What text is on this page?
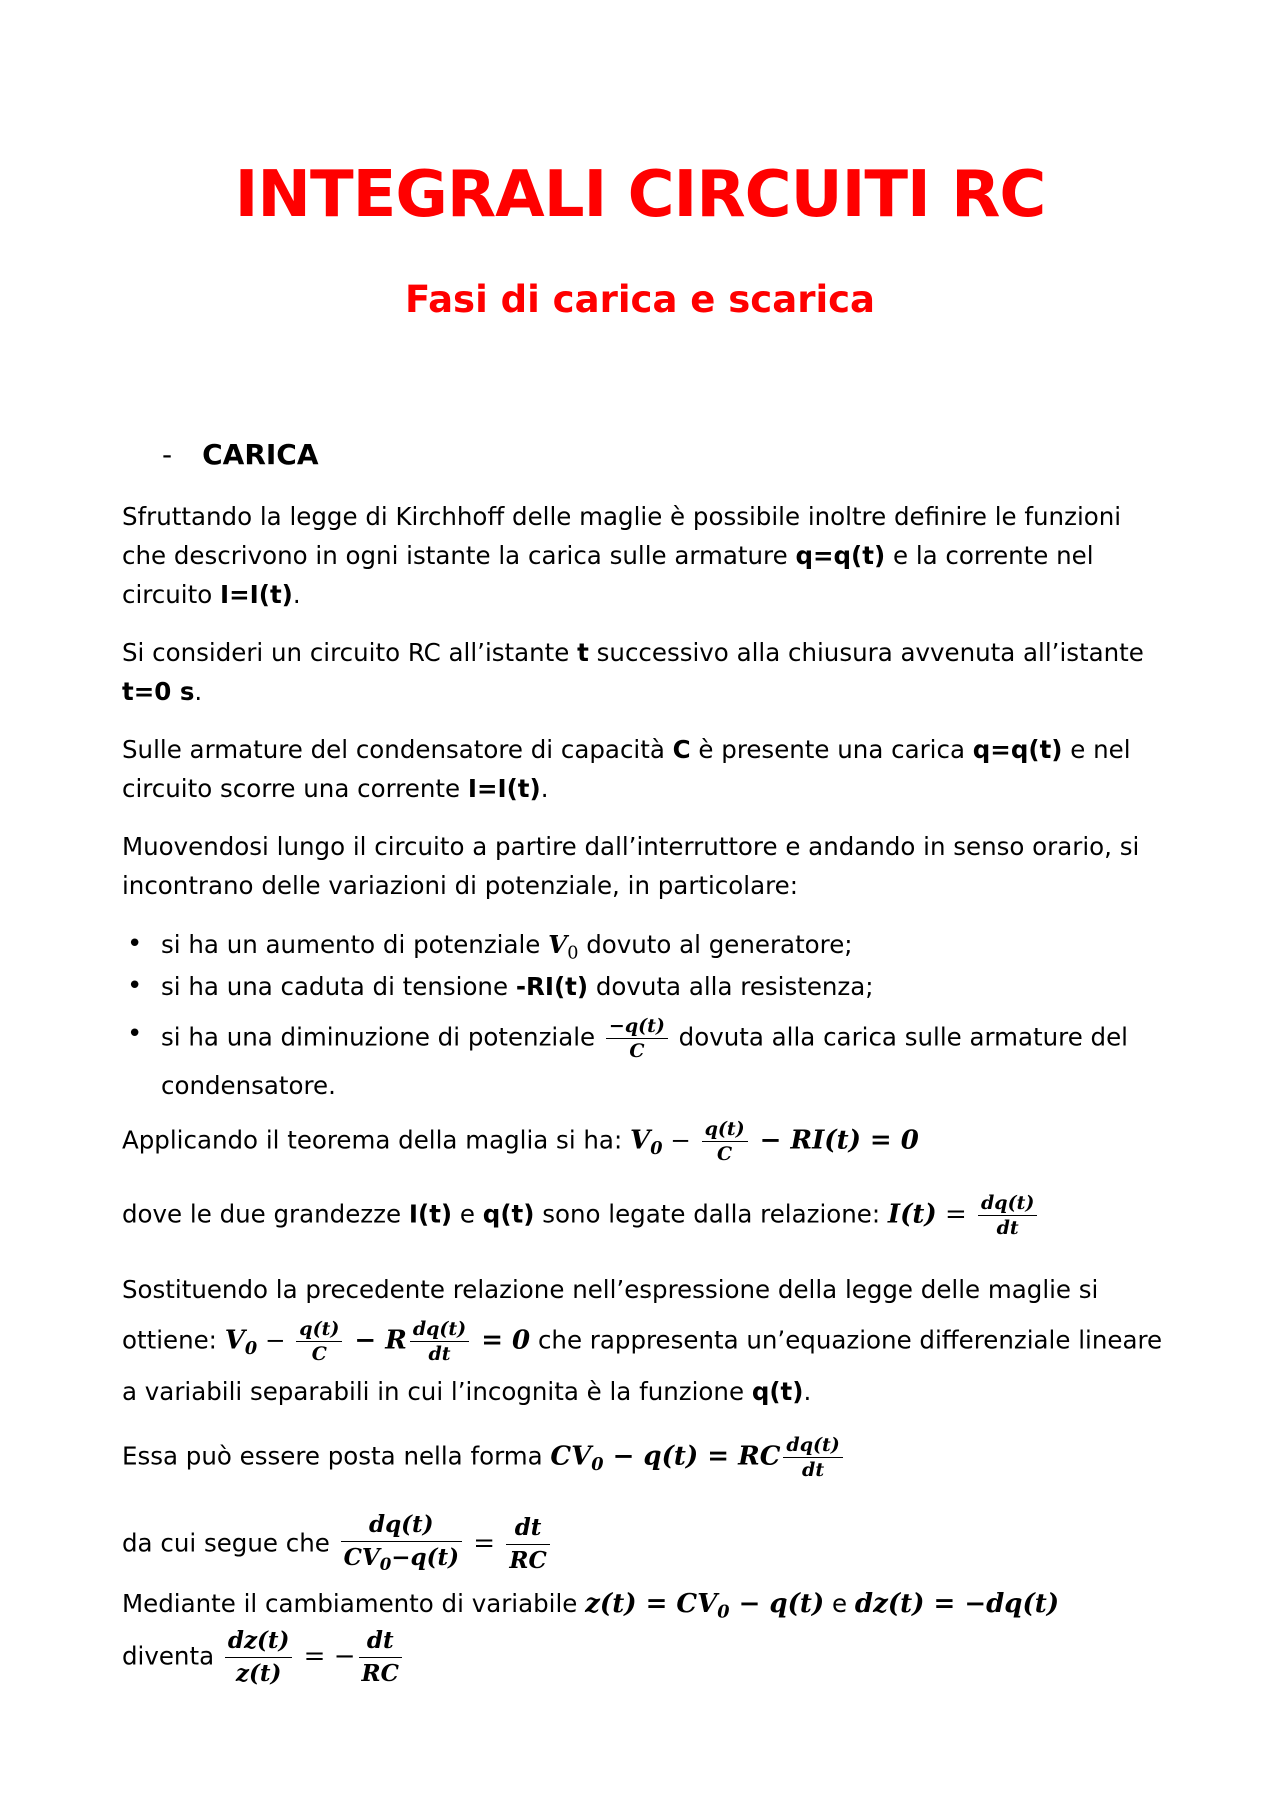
INTEGRALI CIRCUITI RC
Fasi di carica e scarica
- CARICA

Sfruttando la legge di Kirchhoff delle maglie è possibile inoltre definire le funzioni

che descrivono in ogni istante la carica sulle armature q=q(t) e la corrente nel

circuito I=I(t).

Si consideri un circuito RC all’istante t successivo alla chiusura avvenuta all’istante

t=0 s.

Sulle armature del condensatore di capacità C è presente una carica q=q(t) e nel

circuito scorre una corrente I=I(t).

Muovendosi lungo il circuito a partire dall’interruttore e andando in senso orario, si

incontrano delle variazioni di potenziale, in particolare:

• si ha un aumento di potenziale $V_0$ dovuto al generatore;
• si ha una caduta di tensione -RI(t) dovuta alla resistenza;
• si ha una diminuzione di potenziale $\frac{-q(t)}{C}$ dovuta alla carica sulle armature del

condensatore.

Applicando il teorema della maglia si ha: $V_0 - \frac{q(t)}{C} - RI(t) = 0$

dove le due grandezze I(t) e q(t) sono legate dalla relazione: $I(t) = \frac{dq(t)}{dt}$

Sostituendo la precedente relazione nell’espressione della legge delle maglie si

ottiene: $V_0 - \frac{q(t)}{C} - R \frac{dq(t)}{dt} = 0$ che rappresenta un’equazione differenziale lineare

a variabili separabili in cui l’incognita è la funzione q(t).

Essa può essere posta nella forma $CV_0 - q(t)$ = RC $\frac{dq(t)}{dt}$

da cui segue che $\frac{dq(t)}{CV_0-q(t)} = \frac{dt}{RC}$

Mediante il cambiamento di variabile $z(t) = CV_0 - q(t)$ e dz(t) = −dq(t)

diventa $\frac{dz(t)}{z(t)}$ = − $\frac{dt}{RC}$
